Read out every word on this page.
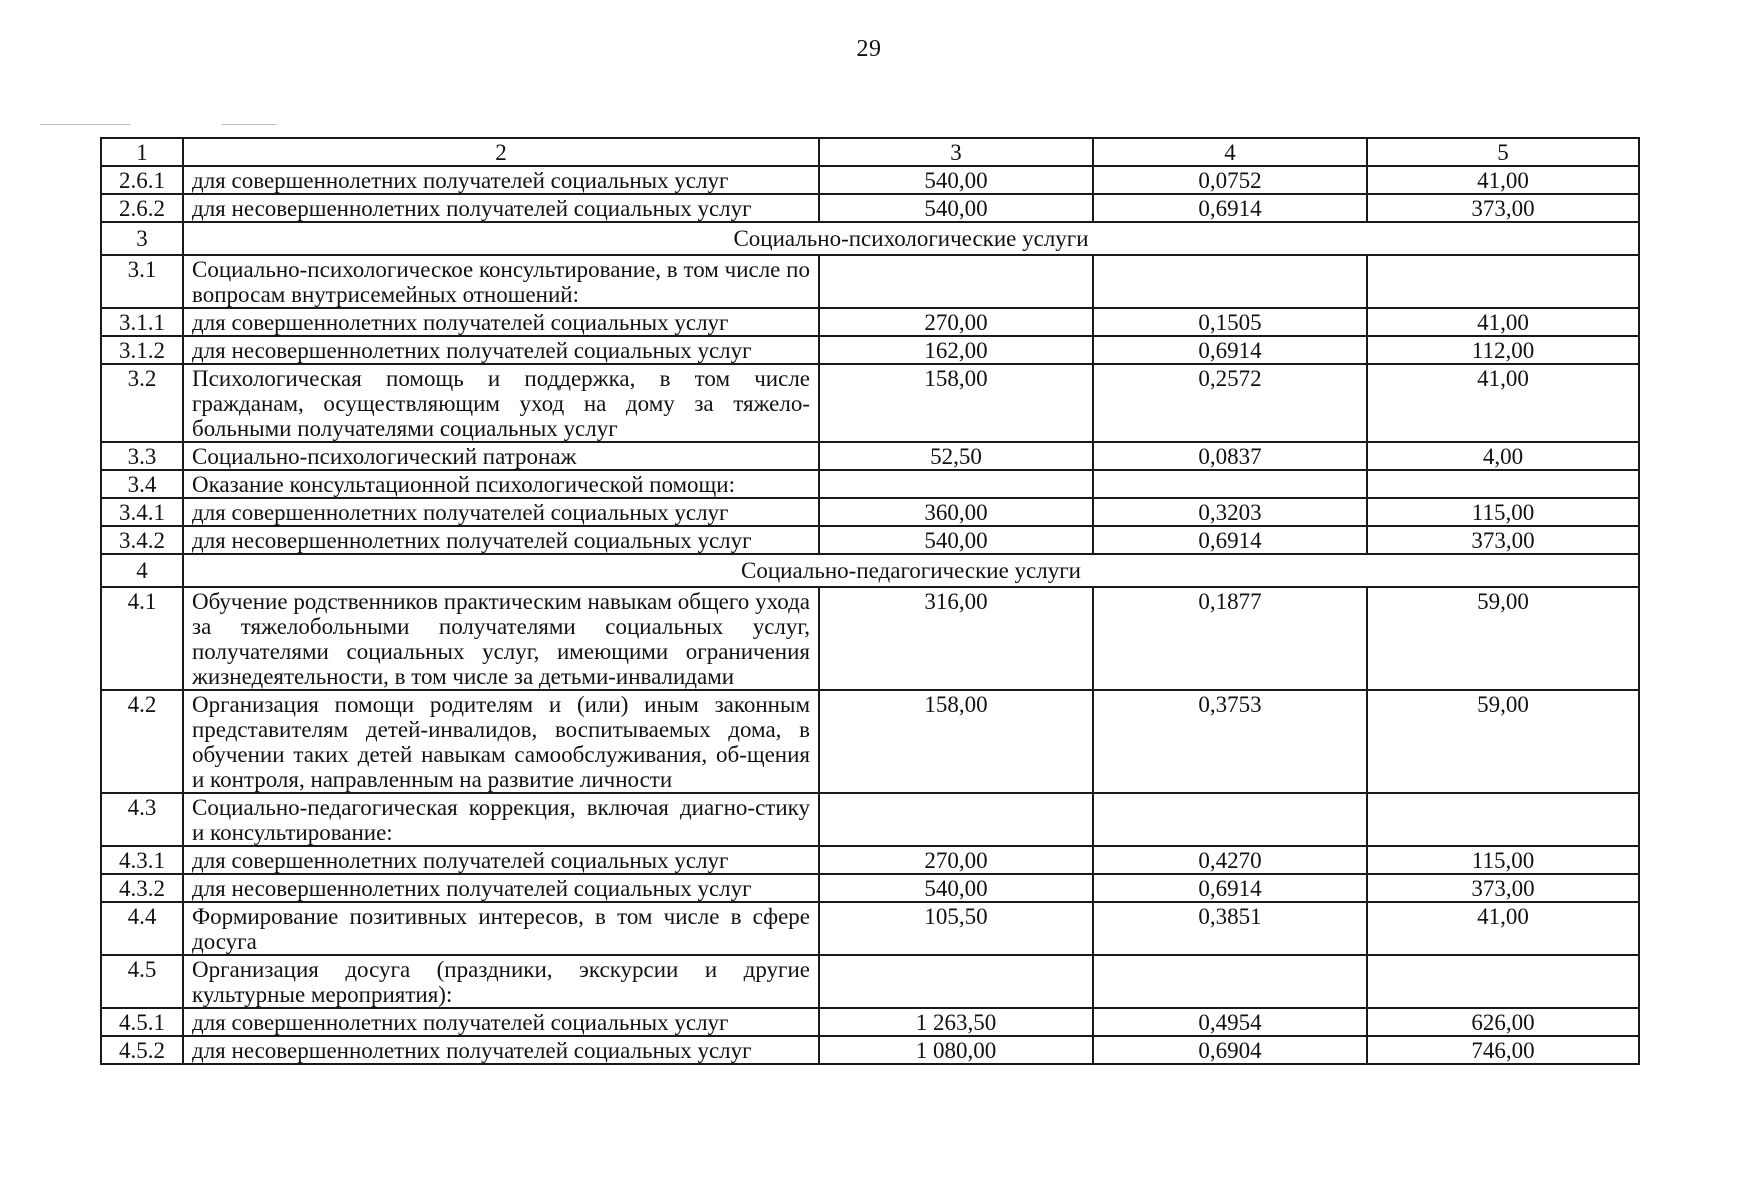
29
1	2	3	4	5
2.6.1	для совершеннолетних получателей социальных услуг	540,00	0,0752	41,00
2.6.2	для несовершеннолетних получателей социальных услуг	540,00	0,6914	373,00
3	Социально-психологические услуги			
3.1	Социально-психологическое консультирование, в том числе по вопросам внутрисемейных отношений:			
3.1.1	для совершеннолетних получателей социальных услуг	270,00	0,1505	41,00
3.1.2	для несовершеннолетних получателей социальных услуг	162,00	0,6914	112,00
3.2	Психологическая помощь и поддержка, в том числе гражданам, осуществляющим уход на дому за тяжело-больными получателями социальных услуг	158,00	0,2572	41,00
3.3	Социально-психологический патронаж	52,50	0,0837	4,00
3.4	Оказание консультационной психологической помощи:			
3.4.1	для совершеннолетних получателей социальных услуг	360,00	0,3203	115,00
3.4.2	для несовершеннолетних получателей социальных услуг	540,00	0,6914	373,00
4	Социально-педагогические услуги			
4.1	Обучение родственников практическим навыкам общего ухода за тяжелобольными получателями социальных услуг, получателями социальных услуг, имеющими ограничения жизнедеятельности, в том числе за детьми-инвалидами	316,00	0,1877	59,00
4.2	Организация помощи родителям и (или) иным законным представителям детей-инвалидов, воспитываемых дома, в обучении таких детей навыкам самообслуживания, об-щения и контроля, направленным на развитие личности	158,00	0,3753	59,00
4.3	Социально-педагогическая коррекция, включая диагно-стику и консультирование:			
4.3.1	для совершеннолетних получателей социальных услуг	270,00	0,4270	115,00
4.3.2	для несовершеннолетних получателей социальных услуг	540,00	0,6914	373,00
4.4	Формирование позитивных интересов, в том числе в сфере досуга	105,50	0,3851	41,00
4.5	Организация досуга (праздники, экскурсии и другие культурные мероприятия):			
4.5.1	для совершеннолетних получателей социальных услуг	1 263,50	0,4954	626,00
4.5.2	для несовершеннолетних получателей социальных услуг	1 080,00	0,6904	746,00
